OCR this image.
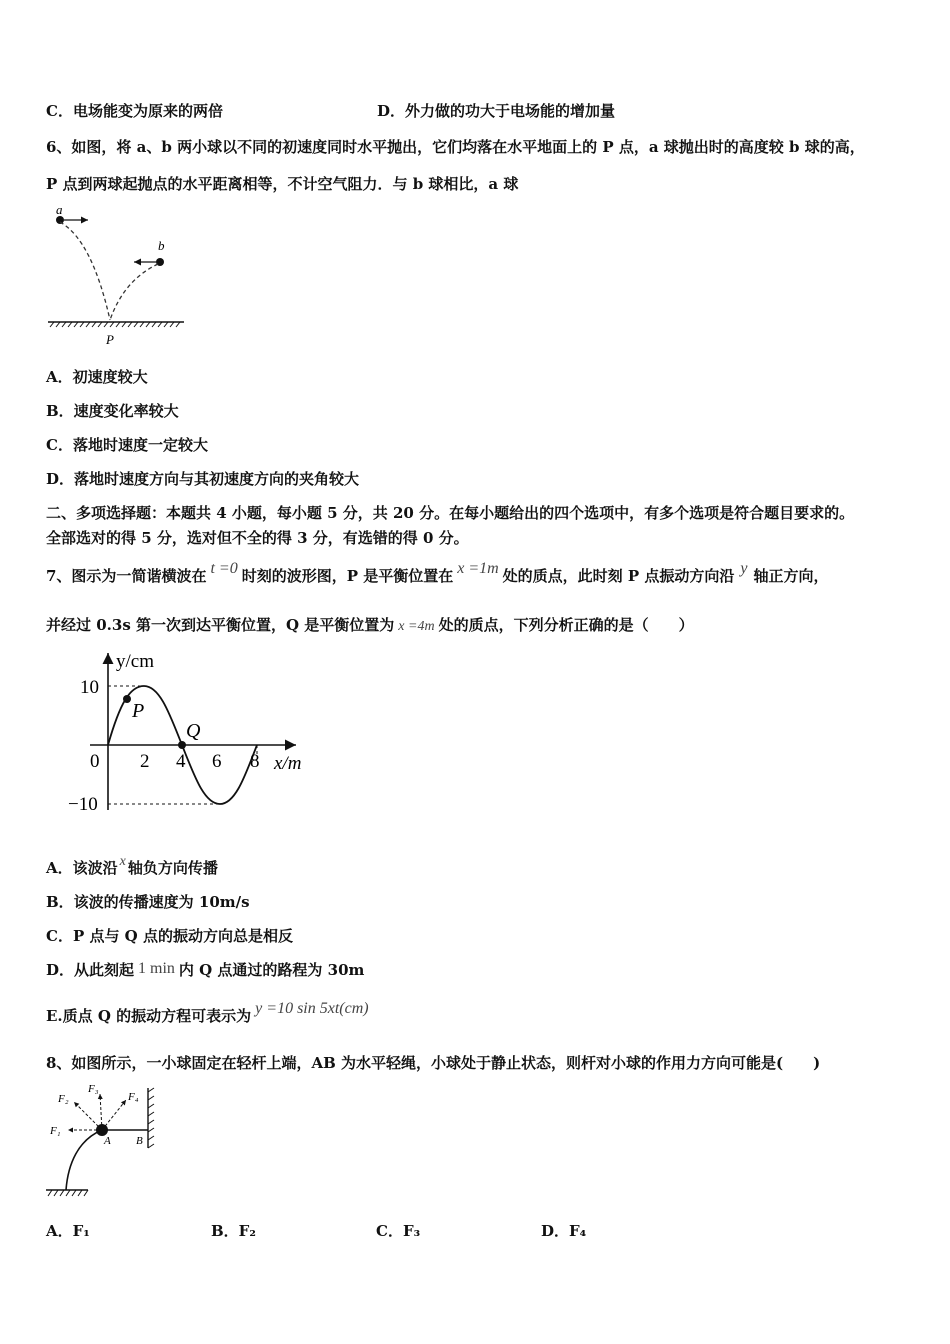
C．电场能变为原来的两倍	D．外力做的功大于电场能的增加量
6、如图，将 a、b 两小球以不同的初速度同时水平抛出，它们均落在水平地面上的 P 点，a 球抛出时的高度较 b 球的高，
P 点到两球起抛点的水平距离相等，不计空气阻力．与 b 球相比，a 球
a
b
P
A．初速度较大
B．速度变化率较大
C．落地时速度一定较大
D．落地时速度方向与其初速度方向的夹角较大
二、多项选择题：本题共 4 小题，每小题 5 分，共 20 分。在每小题给出的四个选项中，有多个选项是符合题目要求的。
全部选对的得 5 分，选对但不全的得 3 分，有选错的得 0 分。
7、图示为一简谐横波在 t =0 时刻的波形图，P 是平衡位置在 x =1m 处的质点，此时刻 P 点振动方向沿 y 轴正方向，
并经过 0.3s 第一次到达平衡位置，Q 是平衡位置为 x =4m 处的质点，下列分析正确的是（　　）
y/cm
x/m
P
Q
10
−10
0 2 4 6 8
A．该波沿 x 轴负方向传播
B．该波的传播速度为 10m/s
C．P 点与 Q 点的振动方向总是相反
D．从此刻起 1 min 内 Q 点通过的路程为 30m
E.质点 Q 的振动方程可表示为 y =10 sin 5xt(cm)
8、如图所示，一小球固定在轻杆上端，AB 为水平轻绳，小球处于静止状态，则杆对小球的作用力方向可能是(　　)
F₁
F₂
F₃
F₄
A B
A．F₁	B．F₂	C．F₃	D．F₄
